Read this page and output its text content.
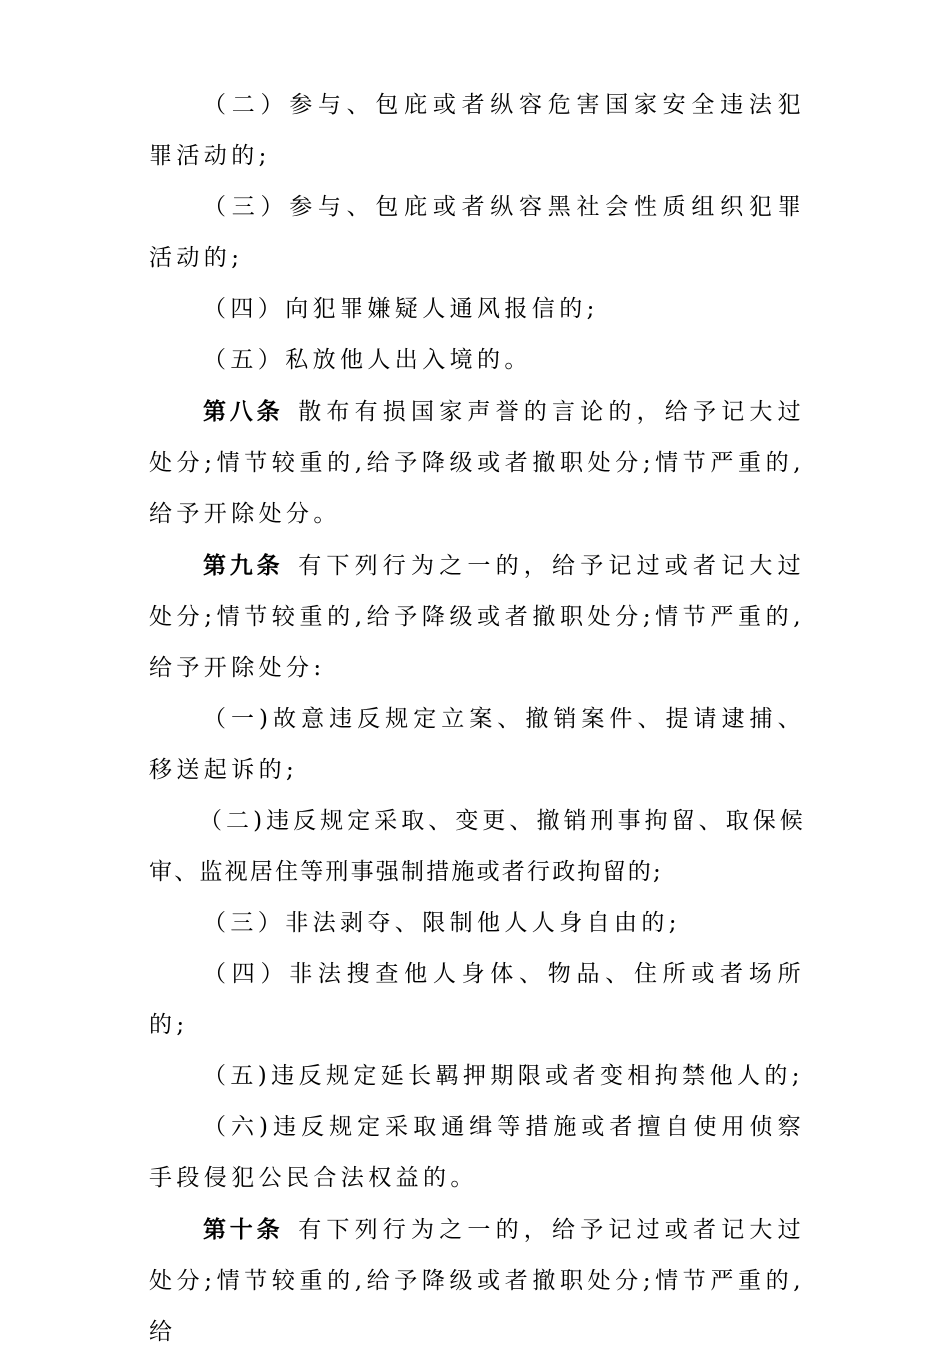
（二）参与、包庇或者纵容危害国家安全违法犯罪活动的;

（三）参与、包庇或者纵容黑社会性质组织犯罪活动的;

（四）向犯罪嫌疑人通风报信的;

（五）私放他人出入境的。

第八条 散布有损国家声誉的言论的，给予记大过处分;情节较重的,给予降级或者撤职处分;情节严重的,给予开除处分。

第九条 有下列行为之一的，给予记过或者记大过处分;情节较重的,给予降级或者撤职处分;情节严重的,给予开除处分:

（一)故意违反规定立案、撤销案件、提请逮捕、移送起诉的;

（二)违反规定采取、变更、撤销刑事拘留、取保候审、监视居住等刑事强制措施或者行政拘留的;

（三）非法剥夺、限制他人人身自由的;

（四）非法搜查他人身体、物品、住所或者场所的;

（五)违反规定延长羁押期限或者变相拘禁他人的;

（六)违反规定采取通缉等措施或者擅自使用侦察手段侵犯公民合法权益的。

第十条 有下列行为之一的，给予记过或者记大过处分;情节较重的,给予降级或者撤职处分;情节严重的,给
